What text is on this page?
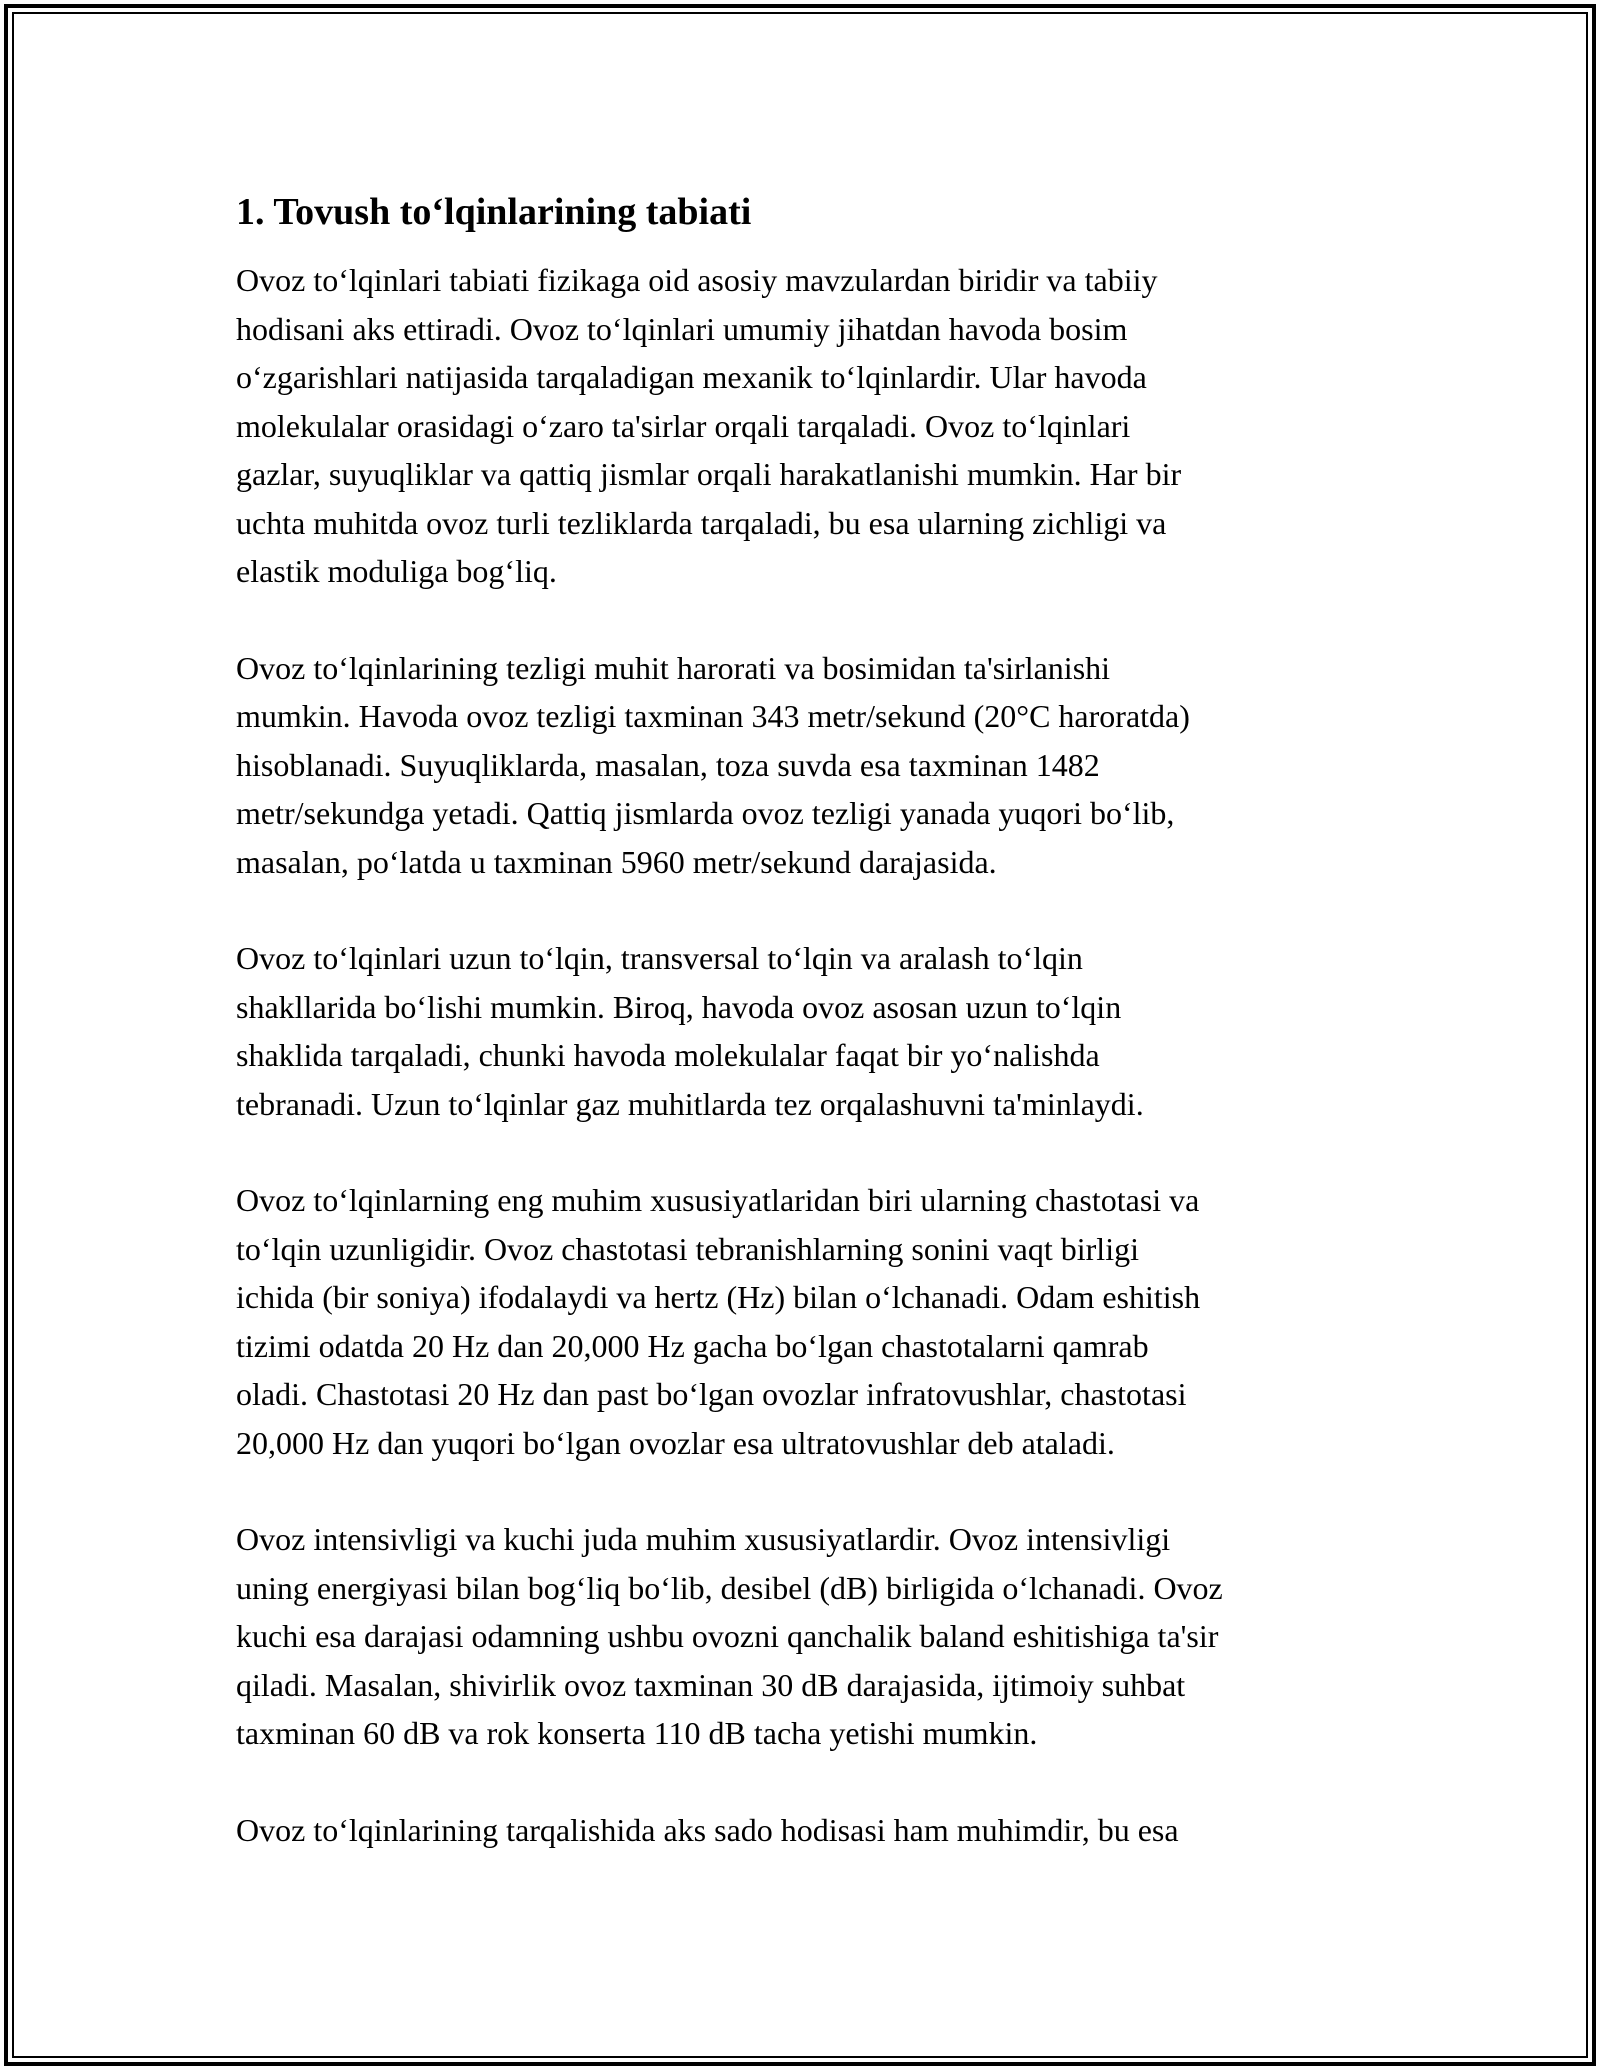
1. Tovush to‘lqinlarining tabiati
Ovoz to‘lqinlari tabiati fizikaga oid asosiy mavzulardan biridir va tabiiy
hodisani aks ettiradi. Ovoz to‘lqinlari umumiy jihatdan havoda bosim
o‘zgarishlari natijasida tarqaladigan mexanik to‘lqinlardir. Ular havoda
molekulalar orasidagi o‘zaro ta'sirlar orqali tarqaladi. Ovoz to‘lqinlari
gazlar, suyuqliklar va qattiq jismlar orqali harakatlanishi mumkin. Har bir
uchta muhitda ovoz turli tezliklarda tarqaladi, bu esa ularning zichligi va
elastik moduliga bog‘liq.
Ovoz to‘lqinlarining tezligi muhit harorati va bosimidan ta'sirlanishi
mumkin. Havoda ovoz tezligi taxminan 343 metr/sekund (20°C haroratda)
hisoblanadi. Suyuqliklarda, masalan, toza suvda esa taxminan 1482
metr/sekundga yetadi. Qattiq jismlarda ovoz tezligi yanada yuqori bo‘lib,
masalan, po‘latda u taxminan 5960 metr/sekund darajasida.
Ovoz to‘lqinlari uzun to‘lqin, transversal to‘lqin va aralash to‘lqin
shakllarida bo‘lishi mumkin. Biroq, havoda ovoz asosan uzun to‘lqin
shaklida tarqaladi, chunki havoda molekulalar faqat bir yo‘nalishda
tebranadi. Uzun to‘lqinlar gaz muhitlarda tez orqalashuvni ta'minlaydi.
Ovoz to‘lqinlarning eng muhim xususiyatlaridan biri ularning chastotasi va
to‘lqin uzunligidir. Ovoz chastotasi tebranishlarning sonini vaqt birligi
ichida (bir soniya) ifodalaydi va hertz (Hz) bilan o‘lchanadi. Odam eshitish
tizimi odatda 20 Hz dan 20,000 Hz gacha bo‘lgan chastotalarni qamrab
oladi. Chastotasi 20 Hz dan past bo‘lgan ovozlar infratovushlar, chastotasi
20,000 Hz dan yuqori bo‘lgan ovozlar esa ultratovushlar deb ataladi.
Ovoz intensivligi va kuchi juda muhim xususiyatlardir. Ovoz intensivligi
uning energiyasi bilan bog‘liq bo‘lib, desibel (dB) birligida o‘lchanadi. Ovoz
kuchi esa darajasi odamning ushbu ovozni qanchalik baland eshitishiga ta'sir
qiladi. Masalan, shivirlik ovoz taxminan 30 dB darajasida, ijtimoiy suhbat
taxminan 60 dB va rok konserta 110 dB tacha yetishi mumkin.
Ovoz to‘lqinlarining tarqalishida aks sado hodisasi ham muhimdir, bu esa
